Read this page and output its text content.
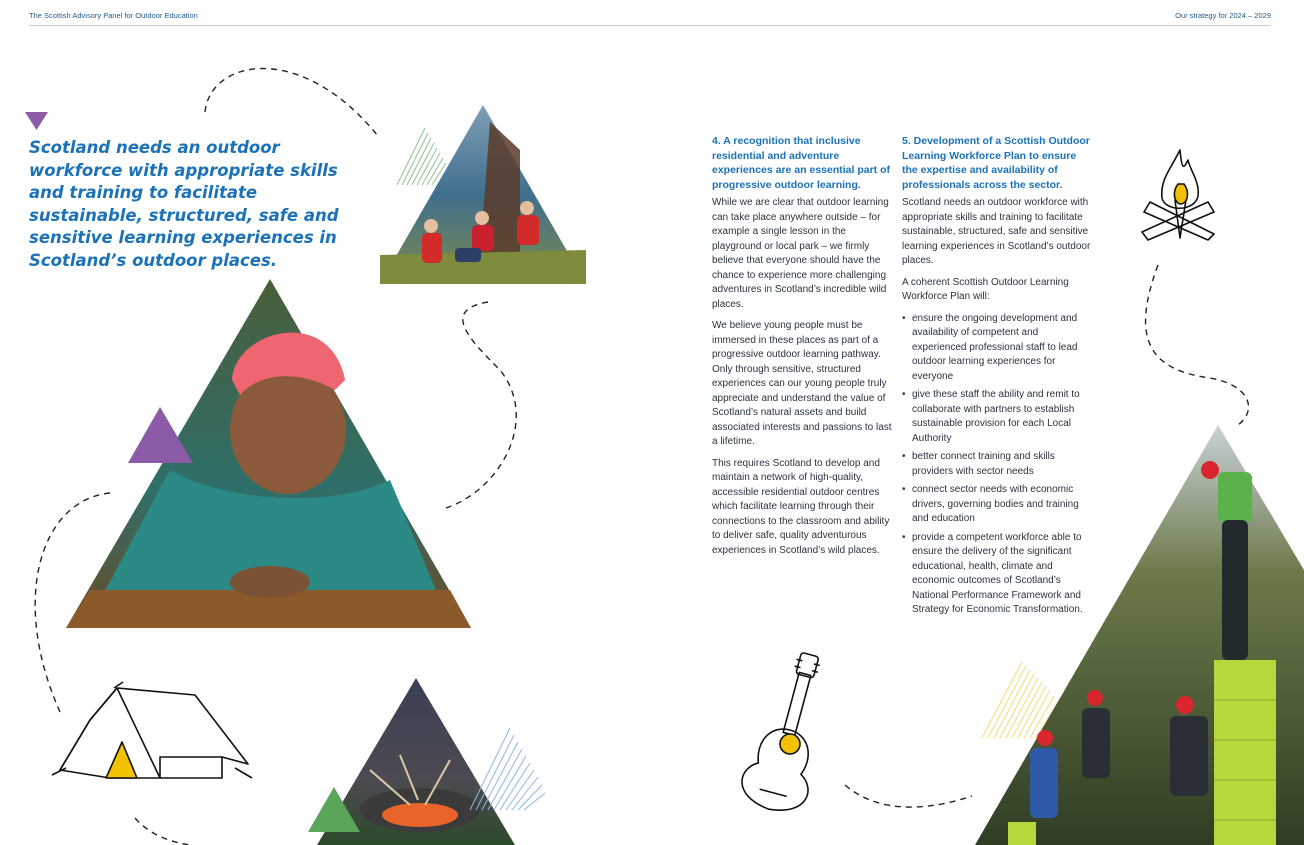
The Scottish Advisory Panel for Outdoor Education	Our strategy for 2024 – 2029

Scotland needs an outdoor workforce with appropriate skills and training to facilitate sustainable, structured, safe and sensitive learning experiences in Scotland’s outdoor places.

4. A recognition that inclusive residential and adventure experiences are an essential part of progressive outdoor learning.

While we are clear that outdoor learning can take place anywhere outside – for example a single lesson in the playground or local park – we firmly believe that everyone should have the chance to experience more challenging adventures in Scotland’s incredible wild places.

We believe young people must be immersed in these places as part of a progressive outdoor learning pathway. Only through sensitive, structured experiences can our young people truly appreciate and understand the value of Scotland’s natural assets and build associated interests and passions to last a lifetime.

This requires Scotland to develop and maintain a network of high-quality, accessible residential outdoor centres which facilitate learning through their connections to the classroom and ability to deliver safe, quality adventurous experiences in Scotland’s wild places.

5. Development of a Scottish Outdoor Learning Workforce Plan to ensure the expertise and availability of professionals across the sector.

Scotland needs an outdoor workforce with appropriate skills and training to facilitate sustainable, structured, safe and sensitive learning experiences in Scotland’s outdoor places.

A coherent Scottish Outdoor Learning Workforce Plan will:

• ensure the ongoing development and availability of competent and experienced professional staff to lead outdoor learning experiences for everyone
• give these staff the ability and remit to collaborate with partners to establish sustainable provision for each Local Authority
• better connect training and skills providers with sector needs
• connect sector needs with economic drivers, governing bodies and training and education
• provide a competent workforce able to ensure the delivery of the significant educational, health, climate and economic outcomes of Scotland’s National Performance Framework and Strategy for Economic Transformation.
